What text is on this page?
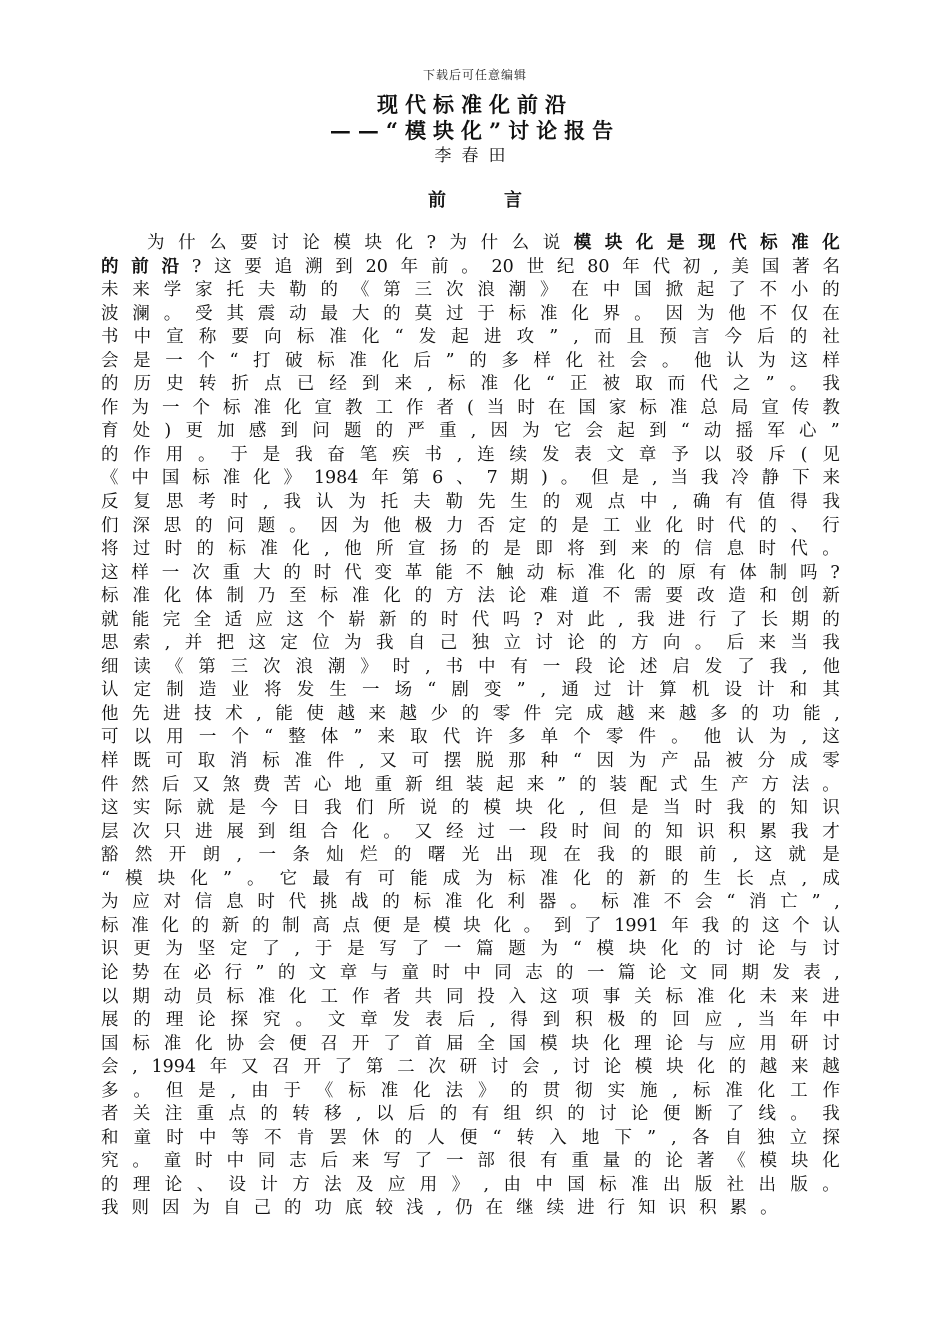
下载后可任意编辑
现代标准化前沿
——“模块化”讨论报告
李春田
前言
为 什 么 要 讨 论 模 块 化 ? 为 什 么 说 模 块 化 是 现 代 标 准 化
的 前 沿 ? 这 要 追 溯 到 20 年 前 。 20 世 纪 80 年 代 初 , 美 国 著 名
未 来 学 家 托 夫 勒 的 《 第 三 次 浪 潮 》 在 中 国 掀 起 了 不 小 的
波 澜 。 受 其 震 动 最 大 的 莫 过 于 标 准 化 界 。 因 为 他 不 仅 在
书 中 宣 称 要 向 标 准 化 “ 发 起 进 攻 ” , 而 且 预 言 今 后 的 社
会 是 一 个 “ 打 破 标 准 化 后 ” 的 多 样 化 社 会 。 他 认 为 这 样
的 历 史 转 折 点 已 经 到 来 , 标 准 化 “ 正 被 取 而 代 之 ” 。 我
作 为 一 个 标 准 化 宣 教 工 作 者 ( 当 时 在 国 家 标 准 总 局 宣 传 教
育 处 ) 更 加 感 到 问 题 的 严 重 , 因 为 它 会 起 到 “ 动 摇 军 心 ”
的 作 用 。 于 是 我 奋 笔 疾 书 , 连 续 发 表 文 章 予 以 驳 斥 ( 见
《 中 国 标 准 化 》 1984 年 第 6 、 7 期 ) 。 但 是 , 当 我 冷 静 下 来
反 复 思 考 时 , 我 认 为 托 夫 勒 先 生 的 观 点 中 , 确 有 值 得 我
们 深 思 的 问 题 。 因 为 他 极 力 否 定 的 是 工 业 化 时 代 的 、 行
将 过 时 的 标 准 化 , 他 所 宣 扬 的 是 即 将 到 来 的 信 息 时 代 。
这 样 一 次 重 大 的 时 代 变 革 能 不 触 动 标 准 化 的 原 有 体 制 吗 ?
标 准 化 体 制 乃 至 标 准 化 的 方 法 论 难 道 不 需 要 改 造 和 创 新
就 能 完 全 适 应 这 个 崭 新 的 时 代 吗 ? 对 此 , 我 进 行 了 长 期 的
思 索 , 并 把 这 定 位 为 我 自 己 独 立 讨 论 的 方 向 。 后 来 当 我
细 读 《 第 三 次 浪 潮 》 时 , 书 中 有 一 段 论 述 启 发 了 我 , 他
认 定 制 造 业 将 发 生 一 场 “ 剧 变 ” , 通 过 计 算 机 设 计 和 其
他 先 进 技 术 , 能 使 越 来 越 少 的 零 件 完 成 越 来 越 多 的 功 能 ,
可 以 用 一 个 “ 整 体 ” 来 取 代 许 多 单 个 零 件 。 他 认 为 , 这
样 既 可 取 消 标 准 件 , 又 可 摆 脱 那 种 “ 因 为 产 品 被 分 成 零
件 然 后 又 煞 费 苦 心 地 重 新 组 装 起 来 ” 的 装 配 式 生 产 方 法 。
这 实 际 就 是 今 日 我 们 所 说 的 模 块 化 , 但 是 当 时 我 的 知 识
层 次 只 进 展 到 组 合 化 。 又 经 过 一 段 时 间 的 知 识 积 累 我 才
豁 然 开 朗 , 一 条 灿 烂 的 曙 光 出 现 在 我 的 眼 前 , 这 就 是
“ 模 块 化 ” 。 它 最 有 可 能 成 为 标 准 化 的 新 的 生 长 点 , 成
为 应 对 信 息 时 代 挑 战 的 标 准 化 利 器 。 标 准 不 会 “ 消 亡 ” ,
标 准 化 的 新 的 制 高 点 便 是 模 块 化 。 到 了 1991 年 我 的 这 个 认
识 更 为 坚 定 了 , 于 是 写 了 一 篇 题 为 “ 模 块 化 的 讨 论 与 讨
论 势 在 必 行 ” 的 文 章 与 童 时 中 同 志 的 一 篇 论 文 同 期 发 表 ,
以 期 动 员 标 准 化 工 作 者 共 同 投 入 这 项 事 关 标 准 化 未 来 进
展 的 理 论 探 究 。 文 章 发 表 后 , 得 到 积 极 的 回 应 , 当 年 中
国 标 准 化 协 会 便 召 开 了 首 届 全 国 模 块 化 理 论 与 应 用 研 讨
会 , 1994 年 又 召 开 了 第 二 次 研 讨 会 , 讨 论 模 块 化 的 越 来 越
多 。 但 是 , 由 于 《 标 准 化 法 》 的 贯 彻 实 施 , 标 准 化 工 作
者 关 注 重 点 的 转 移 , 以 后 的 有 组 织 的 讨 论 便 断 了 线 。 我
和 童 时 中 等 不 肯 罢 休 的 人 便 “ 转 入 地 下 ” , 各 自 独 立 探
究 。 童 时 中 同 志 后 来 写 了 一 部 很 有 重 量 的 论 著 《 模 块 化
的 理 论 、 设 计 方 法 及 应 用 》 , 由 中 国 标 准 出 版 社 出 版 。
我 则 因 为 自 己 的 功 底 较 浅 , 仍 在 继 续 进 行 知 识 积 累 。
